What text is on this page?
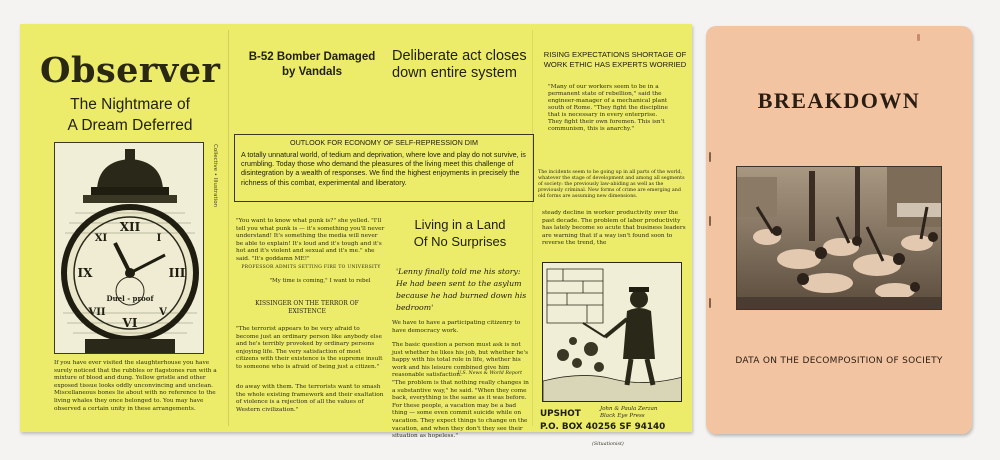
Observer
The Nightmare of
A Dream Deferred
XII
III
VI
IX
I
XI
V
VII
Duel - proof
Collective • Illustration
If you have ever visited the slaughterhouse you have surely noticed that the rubbles or flagstones run with a mixture of blood and dung. Yellow gristle and other exposed tissue looks oddly unconvincing and unclean. Miscellaneous bones lie about with no reference to the living whales they once belonged to. You may have observed a certain unity in these arrangements.
B-52 Bomber Damaged by Vandals
Deliberate act closes down entire system
RISING EXPECTATIONS SHORTAGE OF WORK ETHIC HAS EXPERTS WORRIED
"Many of our workers seem to be in a permanent state of rebellion," said the engineer-manager of a mechanical plant south of Rome. "They fight the discipline that is necessary in every enterprise. They fight their own foremen. This isn't communism, this is anarchy."
The incidents seem to be going up in all parts of the world, whatever the stage of development and among all segments of society: the previously law-abiding as well as the previously criminal. New forms of crime are emerging and old forms are assuming new dimensions.
OUTLOOK FOR ECONOMY OF SELF-REPRESSION DIM
A totally unnatural world, of tedium and deprivation, where love and play do not survive, is crumbling. Today those who demand the pleasures of the living meet this challenge of disintegration by a wealth of responses. We find the highest enjoyments in precisely the richness of this combat, experimental and liberatory.
"You want to know what punk is?" she yelled. "I'll tell you what punk is — it's something you'll never understand! It's something the media will never be able to explain! It's loud and it's tough and it's hot and it's violent and sexual and it's me." she said. "It's goddamn ME!"
PROFESSOR ADMITS SETTING FIRE TO UNIVERSITY
"My time is coming," I want to rebel
KISSINGER ON THE TERROR OF EXISTENCE
"The terrorist appears to be very afraid to become just an ordinary person like anybody else and he's terribly provoked by ordinary persons enjoying life. The very satisfaction of most citizens with their existence is the supreme insult to someone who is afraid of being just a citizen."
do away with them. The terrorists want to smash the whole existing framework and their exaltation of violence is a rejection of all the values of Western civilization."
Living in a Land
Of No Surprises
'Lenny finally told me his story: He had been sent to the asylum because he had burned down his bedroom'
We have to have a participating citizenry to have democracy work.
The basic question a person must ask is not just whether he likes his job, but whether he's happy with his total role in life, whether his work and his leisure combined give him reasonable satisfaction.
U.S. News & World Report
"The problem is that nothing really changes in a substantive way," he said. "When they come back, everything is the same as it was before. For these people, a vacation may be a bad thing — some even commit suicide while on vacation. They expect things to change on the vacation, and when they don't they see their situation as hopeless."
steady decline in worker productivity over the past decade. The problem of labor productivity has lately become so acute that business leaders are warning that if a way isn't found soon to reverse the trend, the
UPSHOT
P.O. BOX 40256 SF 94140
John & Paula Zerzan
Black Eye Press
(Situationist)
BREAKDOWN
DATA ON THE DECOMPOSITION OF SOCIETY
